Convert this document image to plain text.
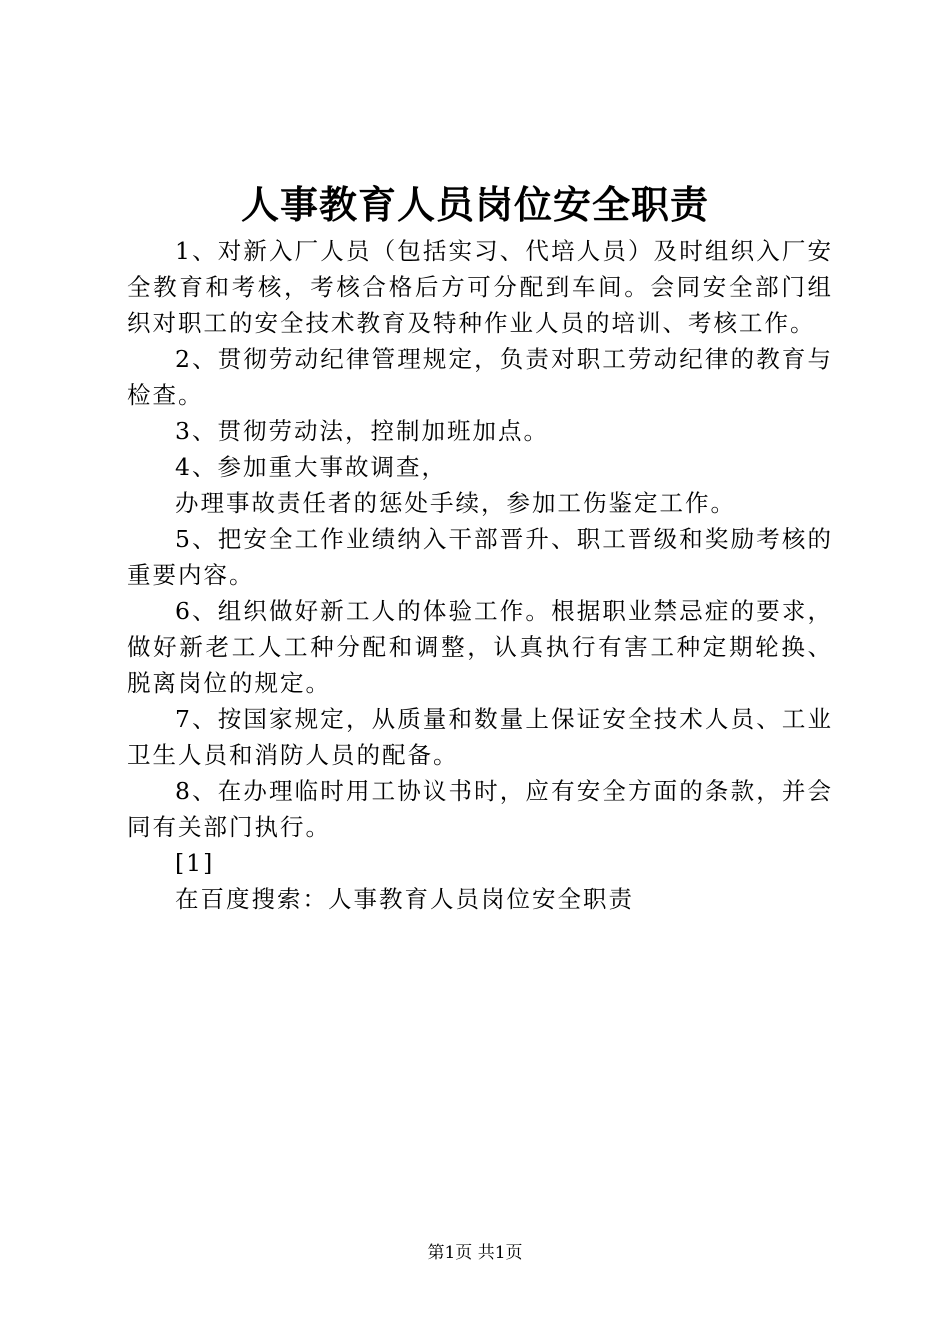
人事教育人员岗位安全职责

1、对新入厂人员（包括实习、代培人员）及时组织入厂安全教育和考核，考核合格后方可分配到车间。会同安全部门组织对职工的安全技术教育及特种作业人员的培训、考核工作。

2、贯彻劳动纪律管理规定，负责对职工劳动纪律的教育与检查。

3、贯彻劳动法，控制加班加点。

4、参加重大事故调查，

办理事故责任者的惩处手续，参加工伤鉴定工作。

5、把安全工作业绩纳入干部晋升、职工晋级和奖励考核的重要内容。

6、组织做好新工人的体验工作。根据职业禁忌症的要求，做好新老工人工种分配和调整，认真执行有害工种定期轮换、脱离岗位的规定。

7、按国家规定，从质量和数量上保证安全技术人员、工业卫生人员和消防人员的配备。

8、在办理临时用工协议书时，应有安全方面的条款，并会同有关部门执行。

[1]

在百度搜索：人事教育人员岗位安全职责

第1页 共1页
